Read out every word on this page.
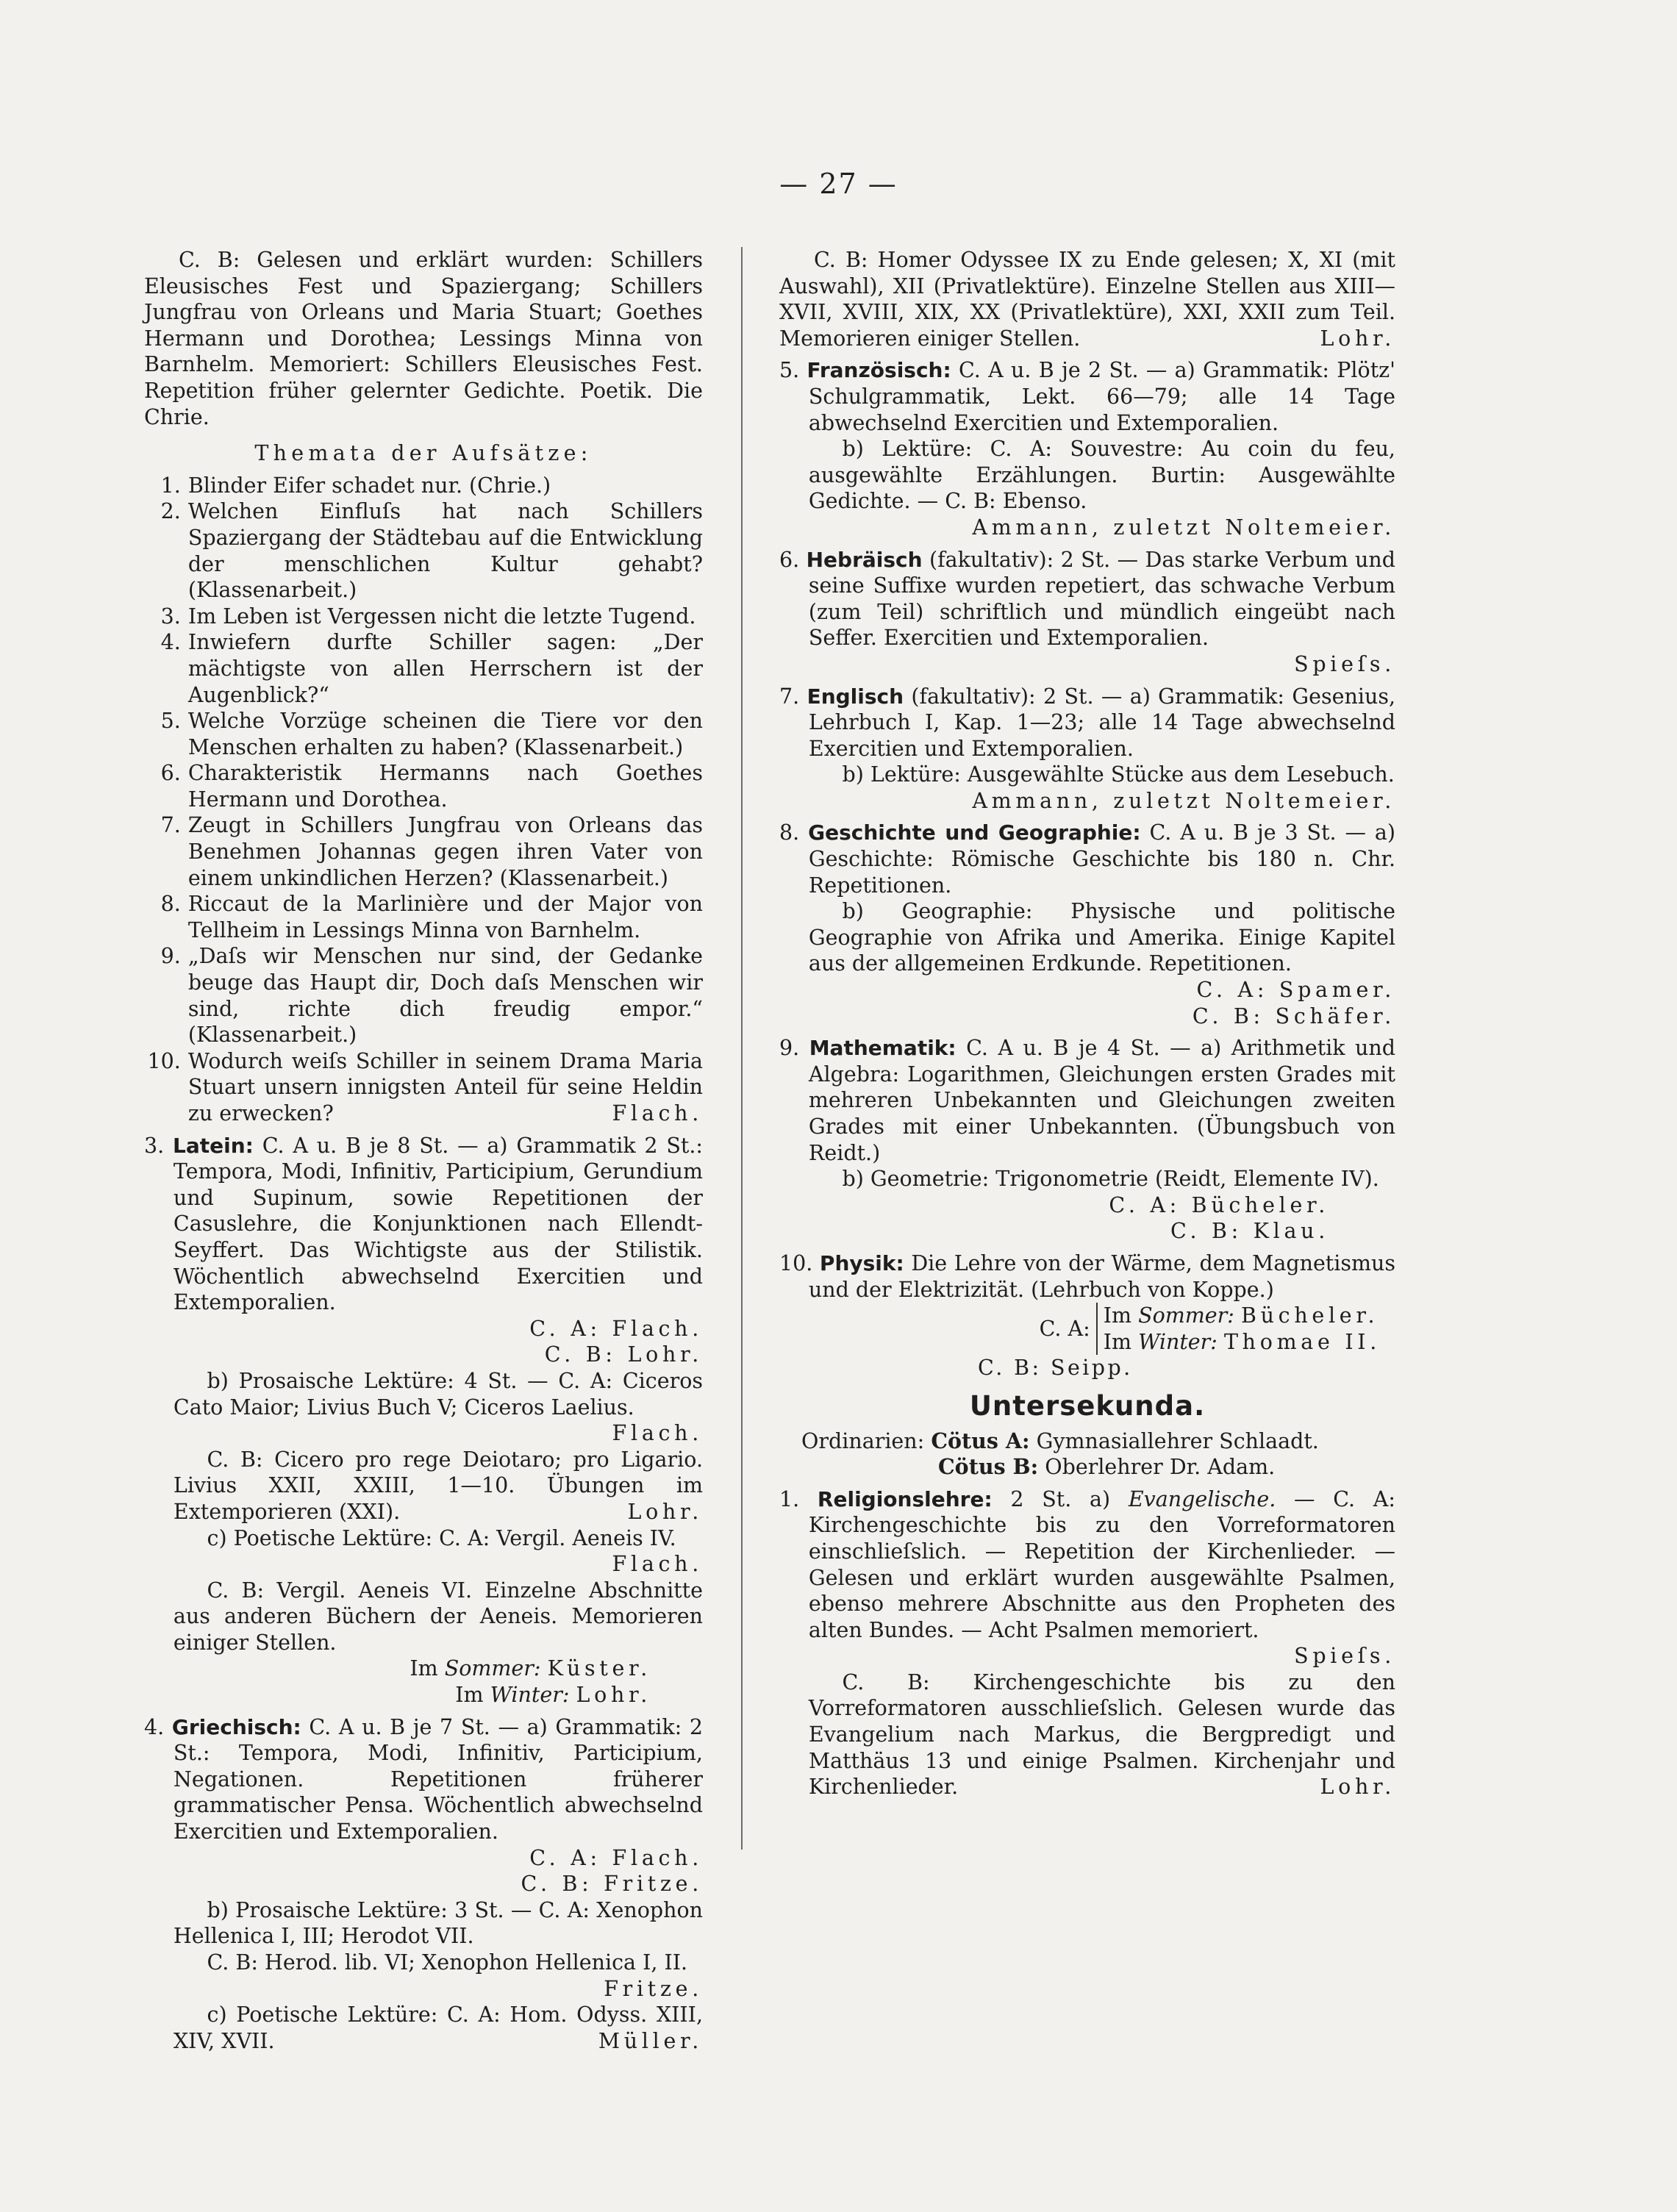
— 27 —

C. B: Gelesen und erklärt wurden: Schillers Eleusisches Fest und Spaziergang; Schillers Jungfrau von Orleans und Maria Stuart; Goethes Hermann und Dorothea; Lessings Minna von Barnhelm. Memoriert: Schillers Eleusisches Fest. Repetition früher gelernter Gedichte. Poetik. Die Chrie.

Themata der Aufsätze:

1. Blinder Eifer schadet nur. (Chrie.)

2. Welchen Einfluſs hat nach Schillers Spaziergang der Städtebau auf die Entwicklung der menschlichen Kultur gehabt? (Klassenarbeit.)

3. Im Leben ist Vergessen nicht die letzte Tugend.

4. Inwiefern durfte Schiller sagen: „Der mächtigste von allen Herrschern ist der Augenblick?“

5. Welche Vorzüge scheinen die Tiere vor den Menschen erhalten zu haben? (Klassenarbeit.)

6. Charakteristik Hermanns nach Goethes Hermann und Dorothea.

7. Zeugt in Schillers Jungfrau von Orleans das Benehmen Johannas gegen ihren Vater von einem unkindlichen Herzen? (Klassenarbeit.)

8. Riccaut de la Marlinière und der Major von Tellheim in Lessings Minna von Barnhelm.

9. „Daſs wir Menschen nur sind, der Gedanke beuge das Haupt dir, Doch daſs Menschen wir sind, richte dich freudig empor.“ (Klassenarbeit.)

10. Wodurch weiſs Schiller in seinem Drama Maria Stuart unsern innigsten Anteil für seine Heldin zu erwecken?	Flach.

3. Latein: C. A u. B je 8 St. — a) Grammatik 2 St.: Tempora, Modi, Infinitiv, Participium, Gerundium und Supinum, sowie Repetitionen der Casuslehre, die Konjunktionen nach Ellendt-Seyffert. Das Wichtigste aus der Stilistik. Wöchentlich abwechselnd Exercitien und Extemporalien.

C. A: Flach.

C. B: Lohr.

b) Prosaische Lektüre: 4 St. — C. A: Ciceros Cato Maior; Livius Buch V; Ciceros Laelius.

Flach.

C. B: Cicero pro rege Deiotaro; pro Ligario. Livius XXII, XXIII, 1—10. Übungen im Extemporieren (XXI).	Lohr.

c) Poetische Lektüre: C. A: Vergil. Aeneis IV.

Flach.

C. B: Vergil. Aeneis VI. Einzelne Abschnitte aus anderen Büchern der Aeneis. Memorieren einiger Stellen.

Im Sommer: Küster.

Im Winter: Lohr.

4. Griechisch: C. A u. B je 7 St. — a) Grammatik: 2 St.: Tempora, Modi, Infinitiv, Participium, Negationen. Repetitionen früherer grammatischer Pensa. Wöchentlich abwechselnd Exercitien und Extemporalien.

C. A: Flach.

C. B: Fritze.

b) Prosaische Lektüre: 3 St. — C. A: Xenophon Hellenica I, III; Herodot VII.

C. B: Herod. lib. VI; Xenophon Hellenica I, II.

Fritze.

c) Poetische Lektüre: C. A: Hom. Odyss. XIII, XIV, XVII.	Müller.

C. B: Homer Odyssee IX zu Ende gelesen; X, XI (mit Auswahl), XII (Privatlektüre). Einzelne Stellen aus XIII—XVII, XVIII, XIX, XX (Privatlektüre), XXI, XXII zum Teil. Memorieren einiger Stellen.	Lohr.

5. Französisch: C. A u. B je 2 St. — a) Grammatik: Plötz' Schulgrammatik, Lekt. 66—79; alle 14 Tage abwechselnd Exercitien und Extemporalien.

b) Lektüre: C. A: Souvestre: Au coin du feu, ausgewählte Erzählungen. Burtin: Ausgewählte Gedichte. — C. B: Ebenso.

Ammann, zuletzt Noltemeier.

6. Hebräisch (fakultativ): 2 St. — Das starke Verbum und seine Suffixe wurden repetiert, das schwache Verbum (zum Teil) schriftlich und mündlich eingeübt nach Seffer. Exercitien und Extemporalien.

Spieſs.

7. Englisch (fakultativ): 2 St. — a) Grammatik: Gesenius, Lehrbuch I, Kap. 1—23; alle 14 Tage abwechselnd Exercitien und Extemporalien.

b) Lektüre: Ausgewählte Stücke aus dem Lesebuch.

Ammann, zuletzt Noltemeier.

8. Geschichte und Geographie: C. A u. B je 3 St. — a) Geschichte: Römische Geschichte bis 180 n. Chr. Repetitionen.

b) Geographie: Physische und politische Geographie von Afrika und Amerika. Einige Kapitel aus der allgemeinen Erdkunde. Repetitionen.

C. A: Spamer.

C. B: Schäfer.

9. Mathematik: C. A u. B je 4 St. — a) Arithmetik und Algebra: Logarithmen, Gleichungen ersten Grades mit mehreren Unbekannten und Gleichungen zweiten Grades mit einer Unbekannten. (Übungsbuch von Reidt.)

b) Geometrie: Trigonometrie (Reidt, Elemente IV).

C. A: Bücheler.

C. B: Klau.

10. Physik: Die Lehre von der Wärme, dem Magnetismus und der Elektrizität. (Lehrbuch von Koppe.)

C. A:
Im Sommer: Bücheler.
Im Winter: Thomae II.

C. B: Seipp.

Untersekunda.

Ordinarien: Cötus A: Gymnasiallehrer Schlaadt.

Cötus B: Oberlehrer Dr. Adam.

1. Religionslehre: 2 St. a) Evangelische. — C. A: Kirchengeschichte bis zu den Vorreformatoren einschlieſslich. — Repetition der Kirchenlieder. — Gelesen und erklärt wurden ausgewählte Psalmen, ebenso mehrere Abschnitte aus den Propheten des alten Bundes. — Acht Psalmen memoriert.

Spieſs.

C. B: Kirchengeschichte bis zu den Vorreformatoren ausschlieſslich. Gelesen wurde das Evangelium nach Markus, die Bergpredigt und Matthäus 13 und einige Psalmen. Kirchenjahr und Kirchenlieder.	Lohr.
